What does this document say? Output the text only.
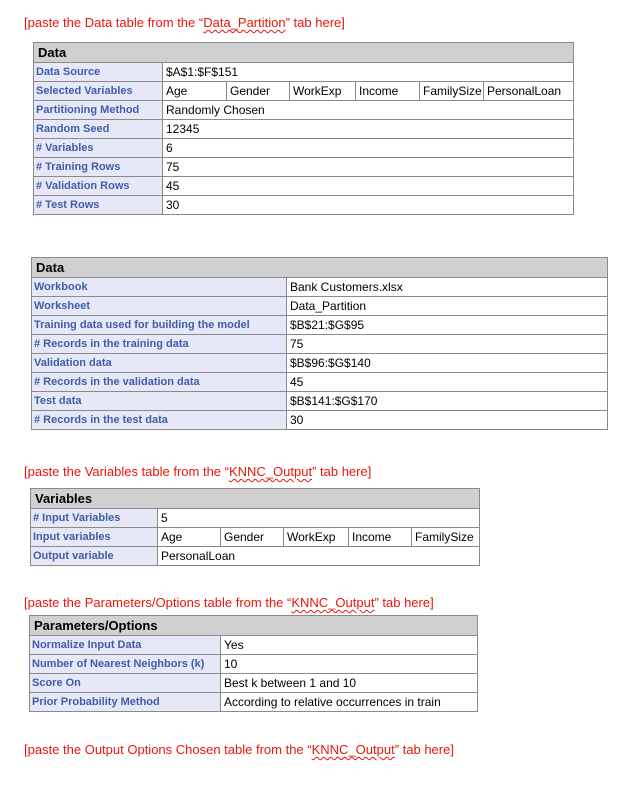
[paste the Data table from the “Data_Partition” tab here]
Data						
Data Source	$A$1:$F$151					
Selected Variables	Age	Gender	WorkExp	Income	FamilySize	PersonalLoan
Partitioning Method	Randomly Chosen					
Random Seed	12345					
# Variables	6					
# Training Rows	75					
# Validation Rows	45					
# Test Rows	30					
Data	
Workbook	Bank Customers.xlsx
Worksheet	Data_Partition
Training data used for building the model	$B$21:$G$95
# Records in the training data	75
Validation data	$B$96:$G$140
# Records in the validation data	45
Test data	$B$141:$G$170
# Records in the test data	30
[paste the Variables table from the “KNNC_Output” tab here]
Variables					
# Input Variables	5				
Input variables	Age	Gender	WorkExp	Income	FamilySize
Output variable	PersonalLoan				
[paste the Parameters/Options table from the “KNNC_Output” tab here]
Parameters/Options	
Normalize Input Data	Yes
Number of Nearest Neighbors (k)	10
Score On	Best k between 1 and 10
Prior Probability Method	According to relative occurrences in train
[paste the Output Options Chosen table from the “KNNC_Output” tab here]
